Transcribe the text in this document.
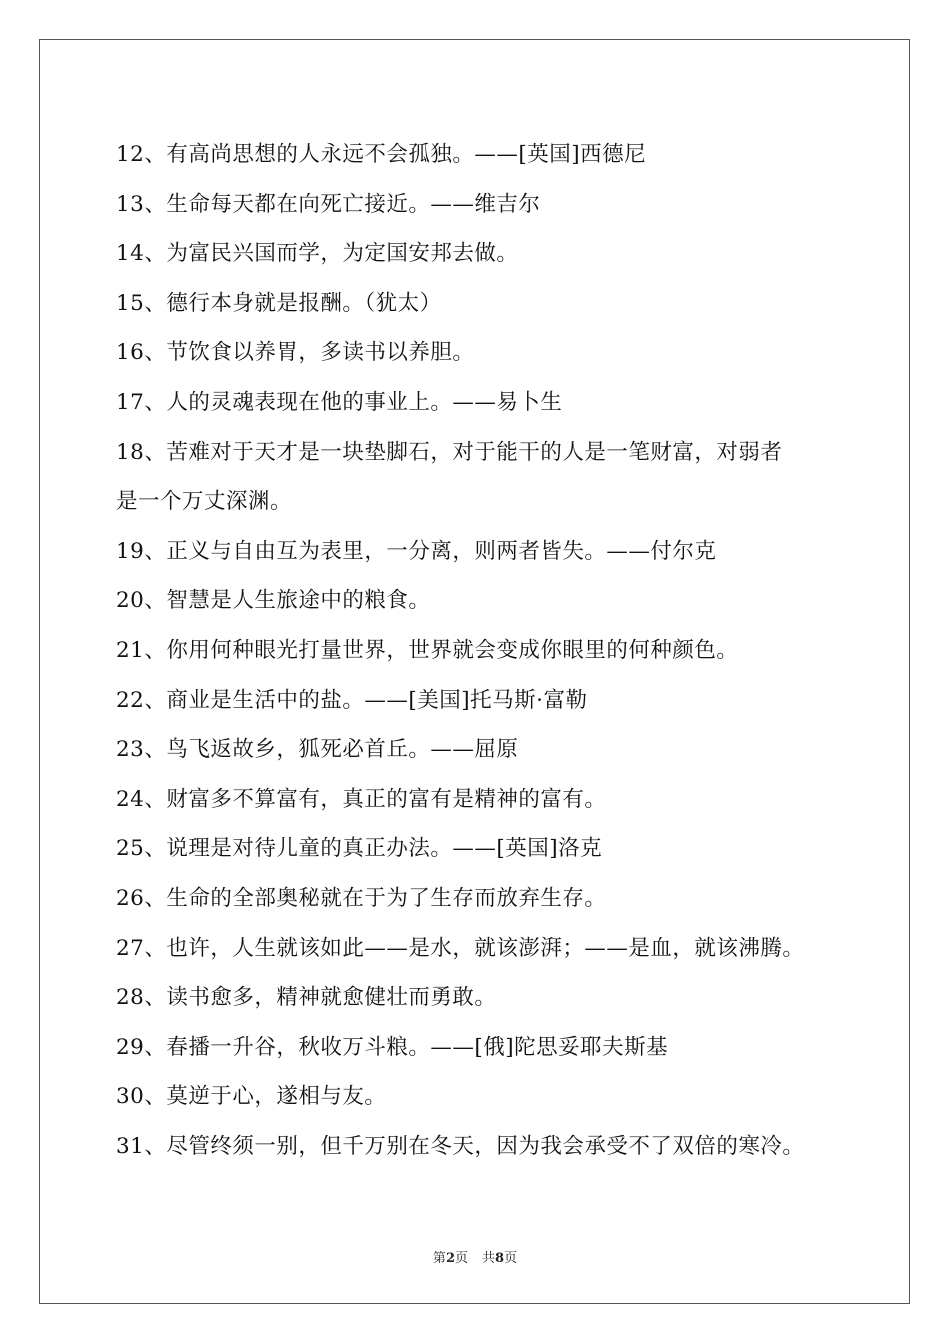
12、有高尚思想的人永远不会孤独。——[英国]西德尼
13、生命每天都在向死亡接近。——维吉尔
14、为富民兴国而学，为定国安邦去做。
15、德行本身就是报酬。（犹太）
16、节饮食以养胃，多读书以养胆。
17、人的灵魂表现在他的事业上。——易卜生
18、苦难对于天才是一块垫脚石，对于能干的人是一笔财富，对弱者
是一个万丈深渊。
19、正义与自由互为表里，一分离，则两者皆失。——付尔克
20、智慧是人生旅途中的粮食。
21、你用何种眼光打量世界，世界就会变成你眼里的何种颜色。
22、商业是生活中的盐。——[美国]托马斯·富勒
23、鸟飞返故乡，狐死必首丘。——屈原
24、财富多不算富有，真正的富有是精神的富有。
25、说理是对待儿童的真正办法。——[英国]洛克
26、生命的全部奥秘就在于为了生存而放弃生存。
27、也许，人生就该如此——是水，就该澎湃；——是血，就该沸腾。
28、读书愈多，精神就愈健壮而勇敢。
29、春播一升谷，秋收万斗粮。——[俄]陀思妥耶夫斯基
30、莫逆于心，遂相与友。
31、尽管终须一别，但千万别在冬天，因为我会承受不了双倍的寒冷。
第2页 共8页
